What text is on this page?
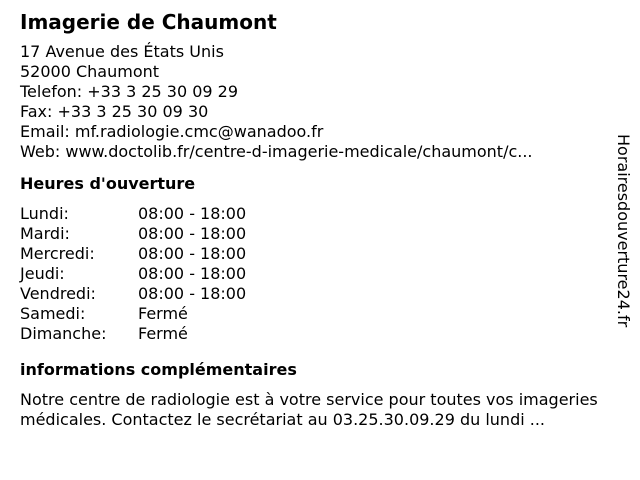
Imagerie de Chaumont
17 Avenue des États Unis
52000 Chaumont
Telefon: +33 3 25 30 09 29
Fax: +33 3 25 30 09 30
Email: mf.radiologie.cmc@wanadoo.fr
Web: www.doctolib.fr/centre-d-imagerie-medicale/chaumont/c...
Heures d'ouverture
Lundi:	08:00 - 18:00
Mardi:	08:00 - 18:00
Mercredi:	08:00 - 18:00
Jeudi:	08:00 - 18:00
Vendredi:	08:00 - 18:00
Samedi:	Fermé
Dimanche:	Fermé
informations complémentaires
Notre centre de radiologie est à votre service pour toutes vos imageries médicales. Contactez le secrétariat au 03.25.30.09.29 du lundi ...
Horairesdouverture24.fr
